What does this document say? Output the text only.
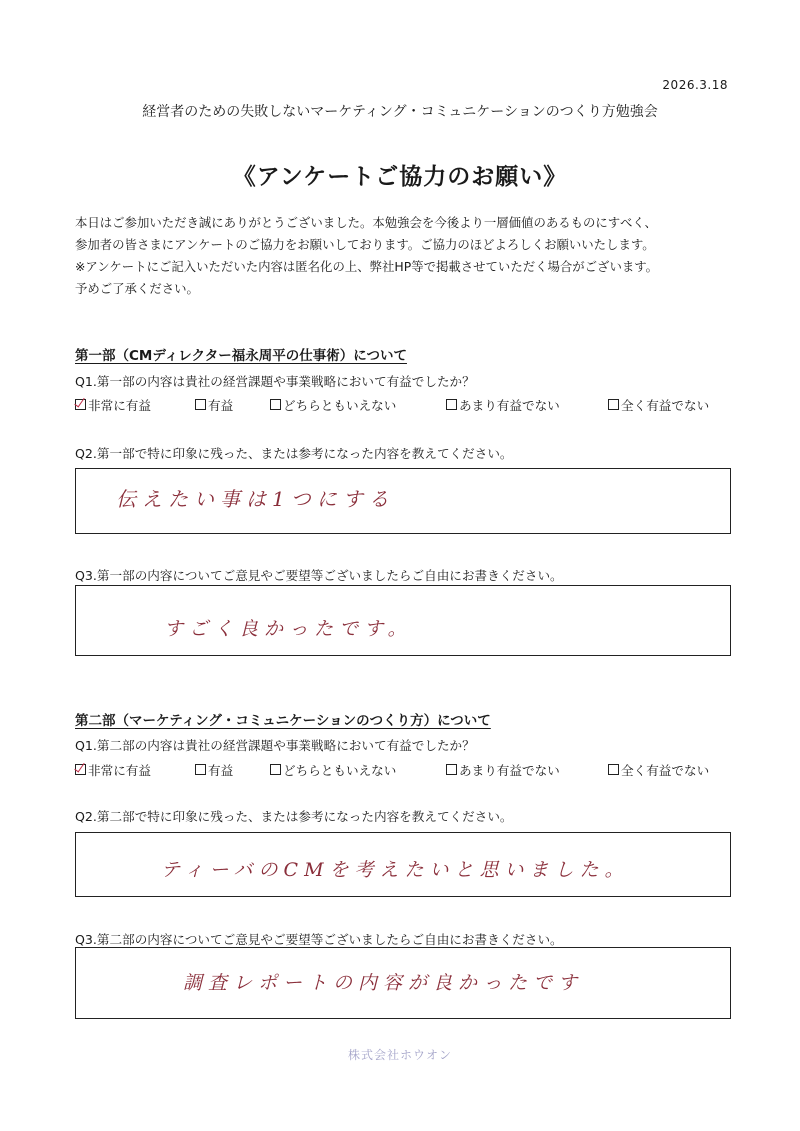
2026.3.18
経営者のための失敗しないマーケティング・コミュニケーションのつくり方勉強会
《アンケートご協力のお願い》
本日はご参加いただき誠にありがとうございました。本勉強会を今後より一層価値のあるものにすべく、
参加者の皆さまにアンケートのご協力をお願いしております。ご協力のほどよろしくお願いいたします。
※アンケートにご記入いただいた内容は匿名化の上、弊社HP等で掲載させていただく場合がございます。
予めご了承ください。
第一部（CMディレクター福永周平の仕事術）について
Q1.第一部の内容は貴社の経営課題や事業戦略において有益でしたか？
非常に有益	有益	どちらともいえない	あまり有益でない	全く有益でない
Q2.第一部で特に印象に残った、または参考になった内容を教えてください。
伝えたい事は1つにする
Q3.第一部の内容についてご意見やご要望等ございましたらご自由にお書きください。
すごく良かったです。
第二部（マーケティング・コミュニケーションのつくり方）について
Q1.第二部の内容は貴社の経営課題や事業戦略において有益でしたか？
非常に有益	有益	どちらともいえない	あまり有益でない	全く有益でない
Q2.第二部で特に印象に残った、または参考になった内容を教えてください。
ティーバのCMを考えたいと思いました。
Q3.第二部の内容についてご意見やご要望等ございましたらご自由にお書きください。
調査レポートの内容が良かったです
株式会社ホウオン
